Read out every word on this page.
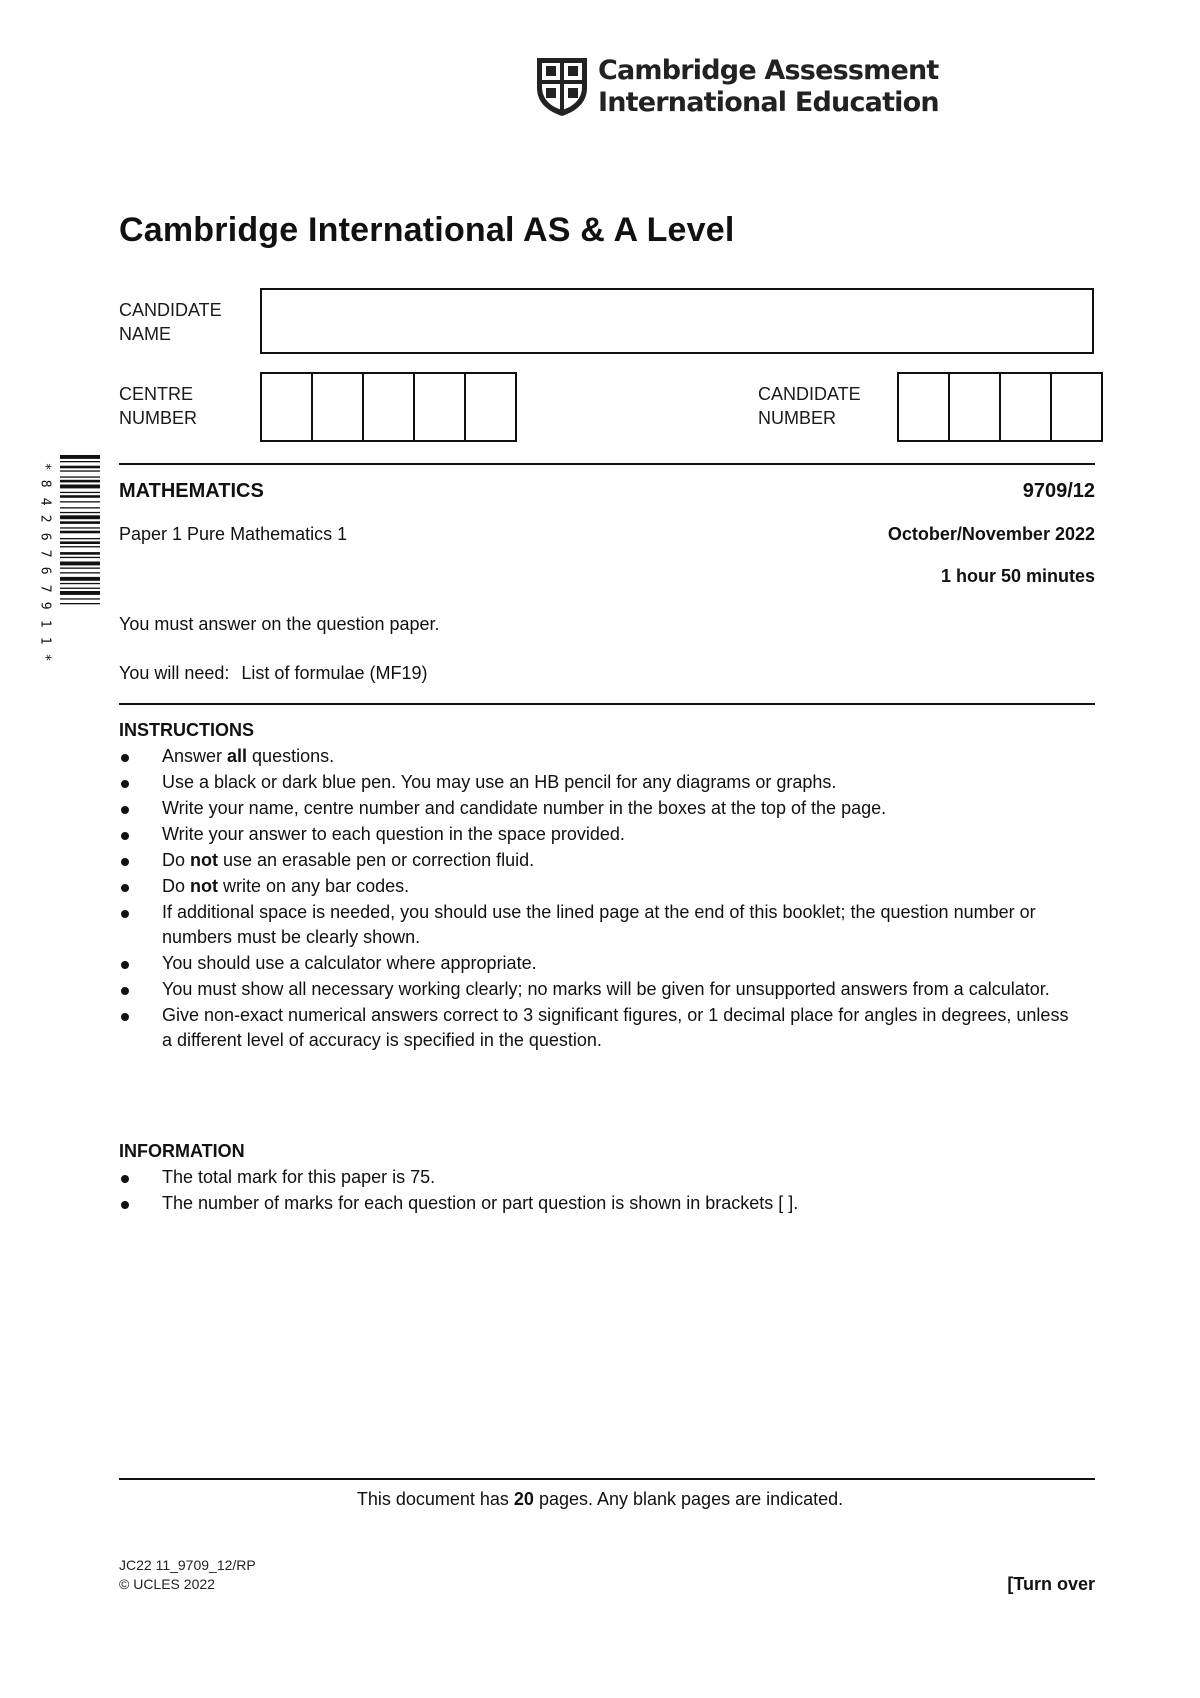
Cambridge Assessment
International Education
Cambridge International AS & A Level
CANDIDATE
NAME
CENTRE
NUMBER
CANDIDATE
NUMBER
*
8
4
2
6
7
6
7
9
1
1
*
MATHEMATICS	9709/12
Paper 1 Pure Mathematics 1	October/November 2022
1 hour 50 minutes
You must answer on the question paper.
You will need: List of formulae (MF19)
INSTRUCTIONS
Answer all questions.
Use a black or dark blue pen. You may use an HB pencil for any diagrams or graphs.
Write your name, centre number and candidate number in the boxes at the top of the page.
Write your answer to each question in the space provided.
Do not use an erasable pen or correction fluid.
Do not write on any bar codes.
If additional space is needed, you should use the lined page at the end of this booklet; the question number or numbers must be clearly shown.
You should use a calculator where appropriate.
You must show all necessary working clearly; no marks will be given for unsupported answers from a calculator.
Give non-exact numerical answers correct to 3 significant figures, or 1 decimal place for angles in degrees, unless a different level of accuracy is specified in the question.
INFORMATION
The total mark for this paper is 75.
The number of marks for each question or part question is shown in brackets [ ].
This document has 20 pages. Any blank pages are indicated.
JC22 11_9709_12/RP
© UCLES 2022	[Turn over
